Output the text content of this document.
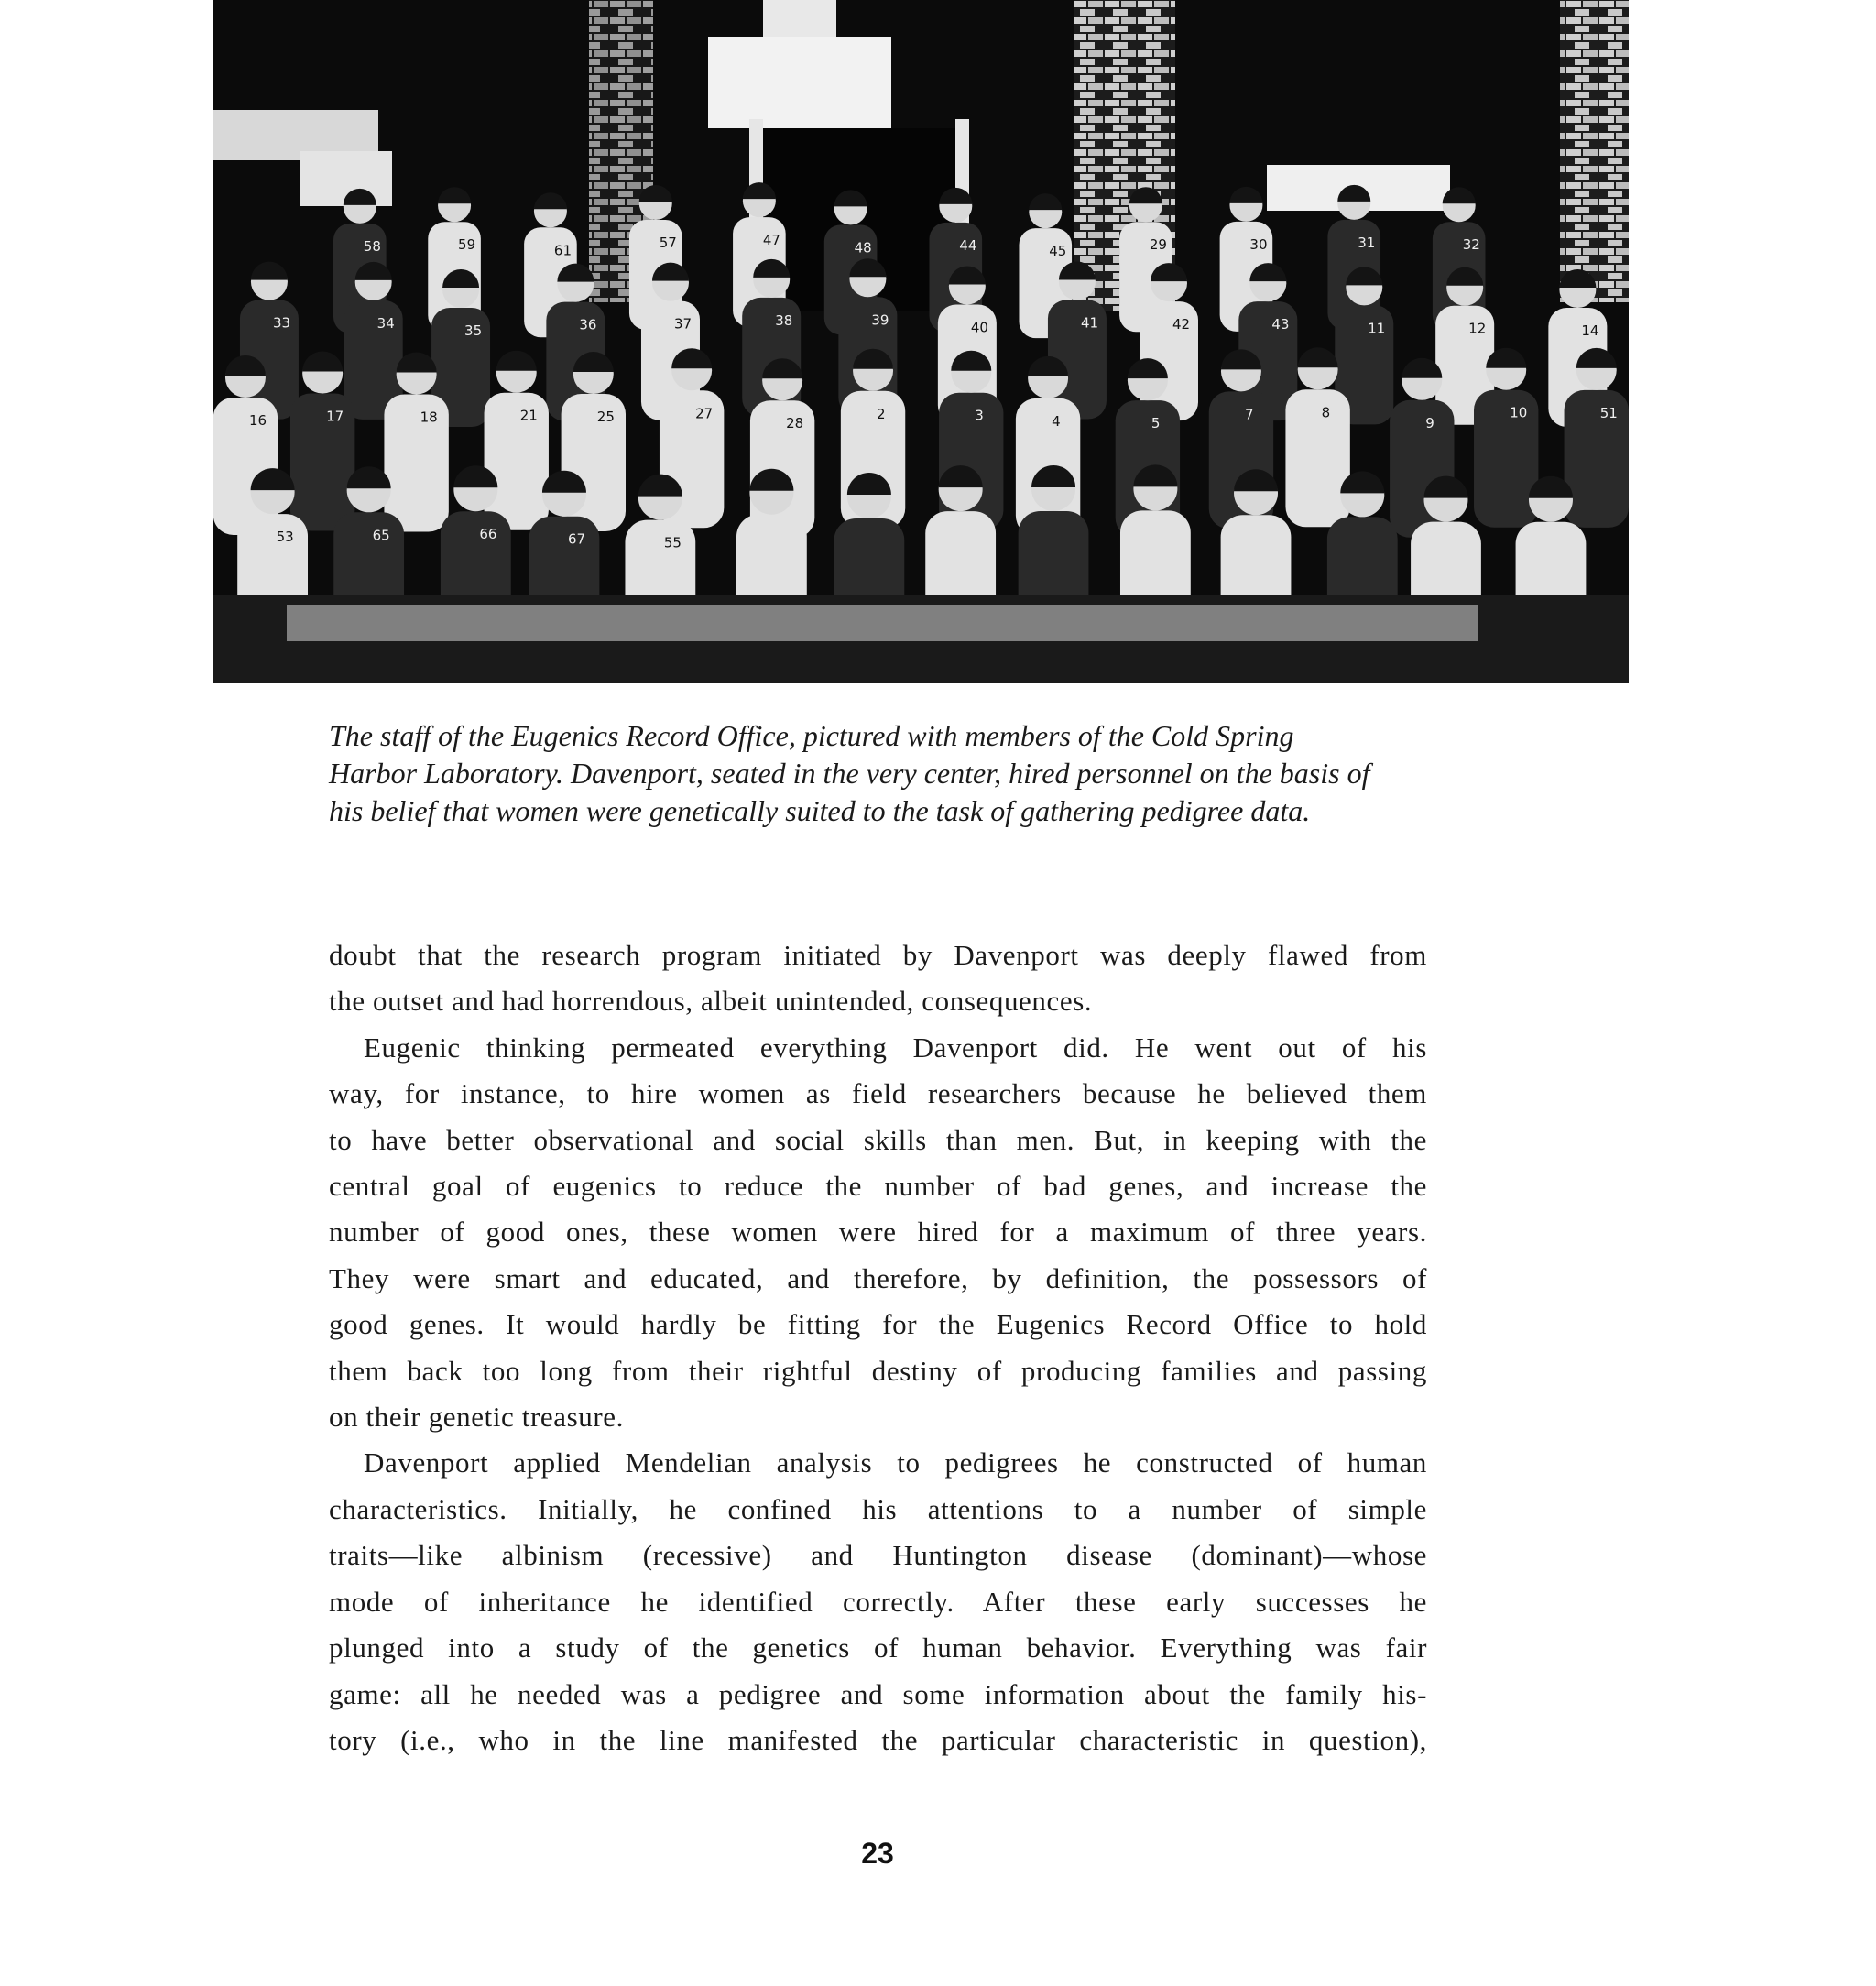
58	59	61	57	47	48	44	45	29	30	31	32
33	34	35	36	37	38	39	40	41	42	43	11	12	14
16	17	18	21	25	27
28
2	3	4	5
7	8
9
10	51
53	65	66	67	55
The staff of the Eugenics Record Office, pictured with members of the Cold Spring
Harbor Laboratory. Davenport, seated in the very center, hired personnel on the basis of
his belief that women were genetically suited to the task of gathering pedigree data.
doubt that the research program initiated by Davenport was deeply flawed from
the outset and had horrendous, albeit unintended, consequences.
Eugenic thinking permeated everything Davenport did. He went out of his
way, for instance, to hire women as field researchers because he believed them
to have better observational and social skills than men. But, in keeping with the
central goal of eugenics to reduce the number of bad genes, and increase the
number of good ones, these women were hired for a maximum of three years.
They were smart and educated, and therefore, by definition, the possessors of
good genes. It would hardly be fitting for the Eugenics Record Office to hold
them back too long from their rightful destiny of producing families and passing
on their genetic treasure.
Davenport applied Mendelian analysis to pedigrees he constructed of human
characteristics. Initially, he confined his attentions to a number of simple
traits—like albinism (recessive) and Huntington disease (dominant)—whose
mode of inheritance he identified correctly. After these early successes he
plunged into a study of the genetics of human behavior. Everything was fair
game: all he needed was a pedigree and some information about the family his-
tory (i.e., who in the line manifested the particular characteristic in question),
23
